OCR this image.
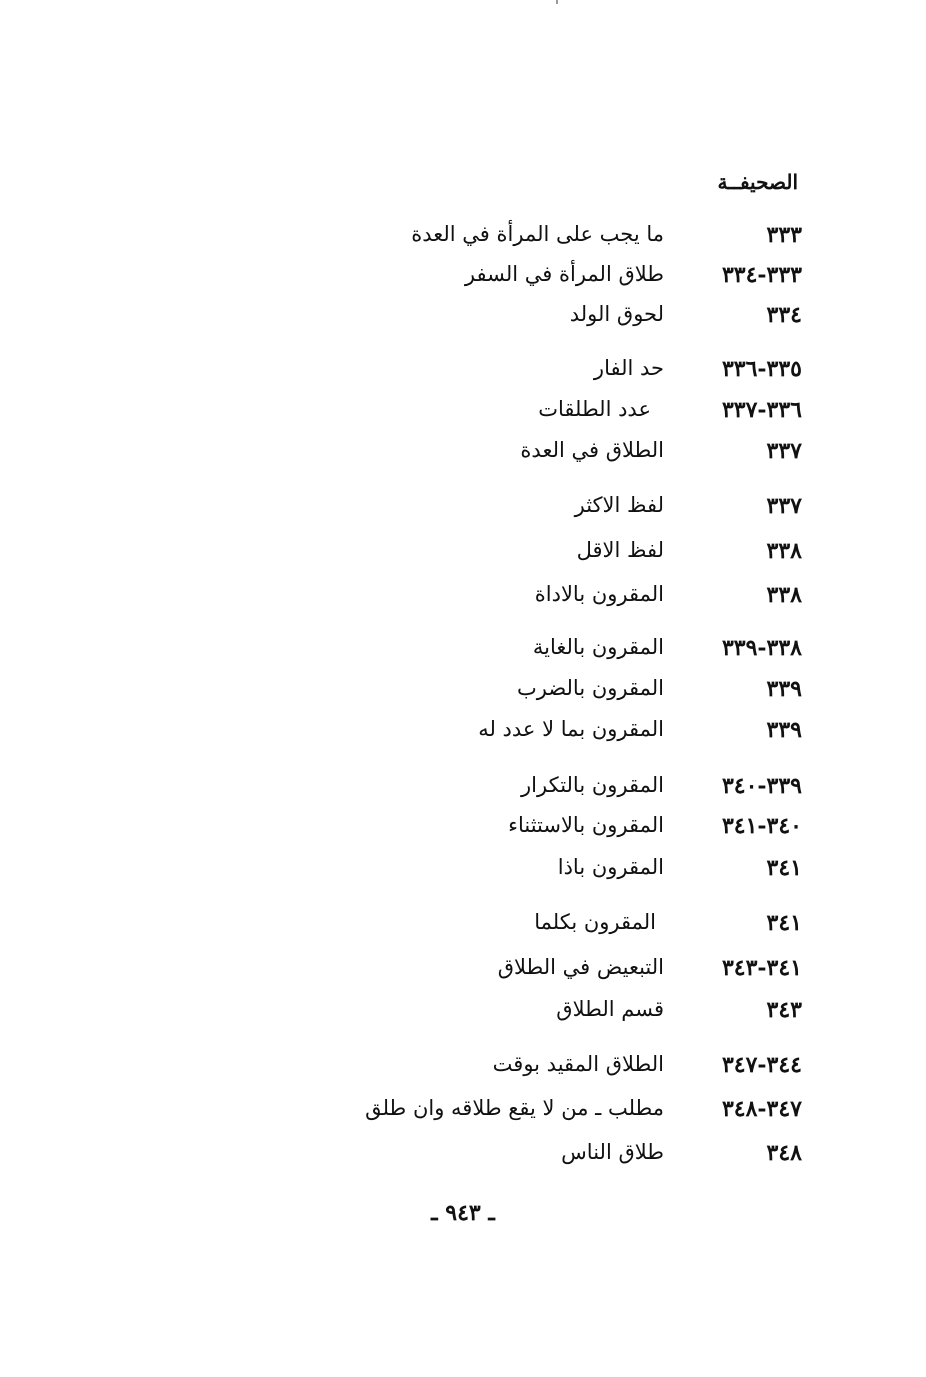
الصحيفــة
٣٣٣
ما يجب على المرأة في العدة
٣٣٣-٣٣٤
طلاق المرأة في السفر
٣٣٤
لحوق الولد
٣٣٥-٣٣٦
حد الفار
٣٣٦-٣٣٧
عدد الطلقات
٣٣٧
الطلاق في العدة
٣٣٧
لفظ الاكثر
٣٣٨
لفظ الاقل
٣٣٨
المقرون بالاداة
٣٣٨-٣٣٩
المقرون بالغاية
٣٣٩
المقرون بالضرب
٣٣٩
المقرون بما لا عدد له
٣٣٩-٣٤٠
المقرون بالتكرار
٣٤٠-٣٤١
المقرون بالاستثناء
٣٤١
المقرون باذا
٣٤١
المقرون بكلما
٣٤١-٣٤٣
التبعيض في الطلاق
٣٤٣
قسم الطلاق
٣٤٤-٣٤٧
الطلاق المقيد بوقت
٣٤٧-٣٤٨
مطلب ـ من لا يقع طلاقه وان طلق
٣٤٨
طلاق الناس
ـ ٩٤٣ ـ
